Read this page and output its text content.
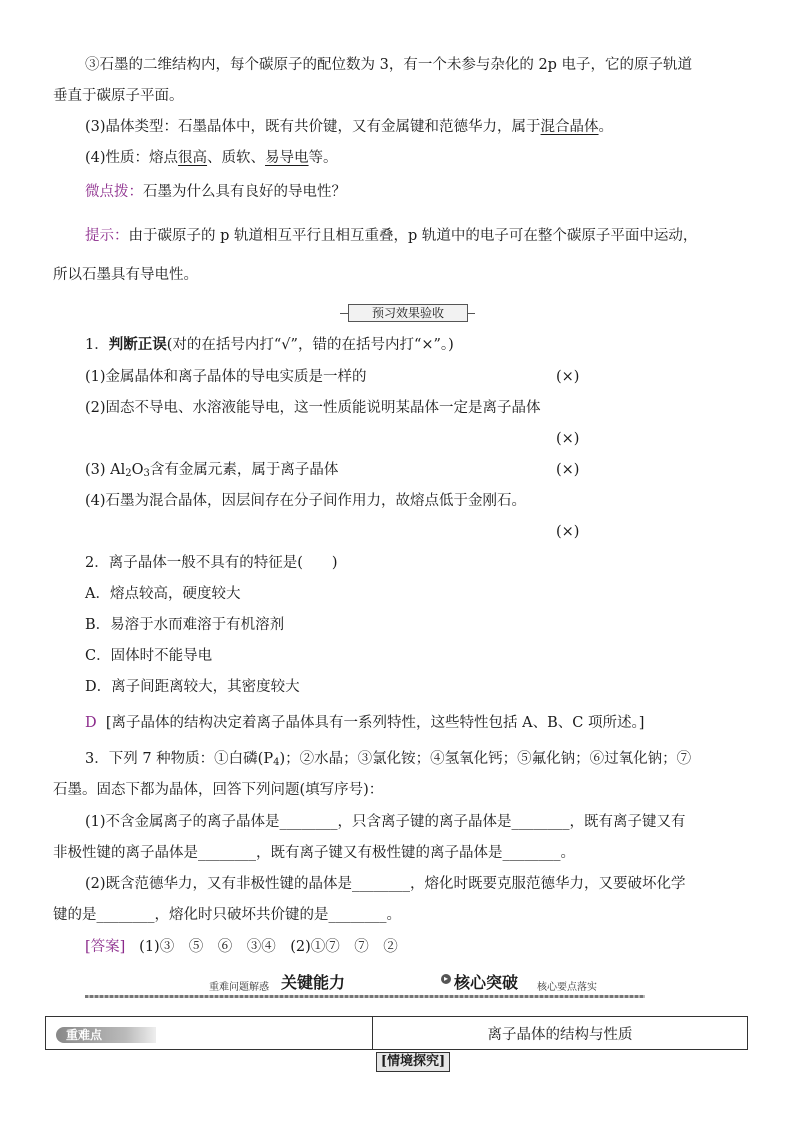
③石墨的二维结构内，每个碳原子的配位数为 3，有一个未参与杂化的 2p 电子，它的原子轨道
垂直于碳原子平面。
(3)晶体类型：石墨晶体中，既有共价键，又有金属键和范德华力，属于混合晶体。
(4)性质：熔点很高、质软、易导电等。
微点拨：石墨为什么具有良好的导电性？
提示：由于碳原子的 p 轨道相互平行且相互重叠，p 轨道中的电子可在整个碳原子平面中运动，
所以石墨具有导电性。
预习效果验收
1．判断正误(对的在括号内打“√”，错的在括号内打“×”。)
(1)金属晶体和离子晶体的导电实质是一样的	(×)
(2)固态不导电、水溶液能导电，这一性质能说明某晶体一定是离子晶体
(×)
(3) $Al_2O_3$含有金属元素，属于离子晶体	(×)
(4)石墨为混合晶体，因层间存在分子间作用力，故熔点低于金刚石。
(×)
2．离子晶体一般不具有的特征是(　　)
A．熔点较高，硬度较大
B．易溶于水而难溶于有机溶剂
C．固体时不能导电
D．离子间距离较大，其密度较大
D [离子晶体的结构决定着离子晶体具有一系列特性，这些特性包括 A、B、C 项所述。]
3．下列 7 种物质：①白磷$(P_4)$；②水晶；③氯化铵；④氢氧化钙；⑤氟化钠；⑥过氧化钠；⑦
石墨。固态下都为晶体，回答下列问题(填写序号)：
(1)不含金属离子的离子晶体是________，只含离子键的离子晶体是________，既有离子键又有
非极性键的离子晶体是________，既有离子键又有极性键的离子晶体是________。
(2)既含范德华力，又有非极性键的晶体是________，熔化时既要克服范德华力，又要破坏化学
键的是________，熔化时只破坏共价键的是________。
[答案] (1)③　⑤　⑥　③④　(2)①⑦　⑦　②
重难问题解惑 关键能力	▸ 核心突破 核心要点落实
重难点	离子晶体的结构与性质
[情境探究]
